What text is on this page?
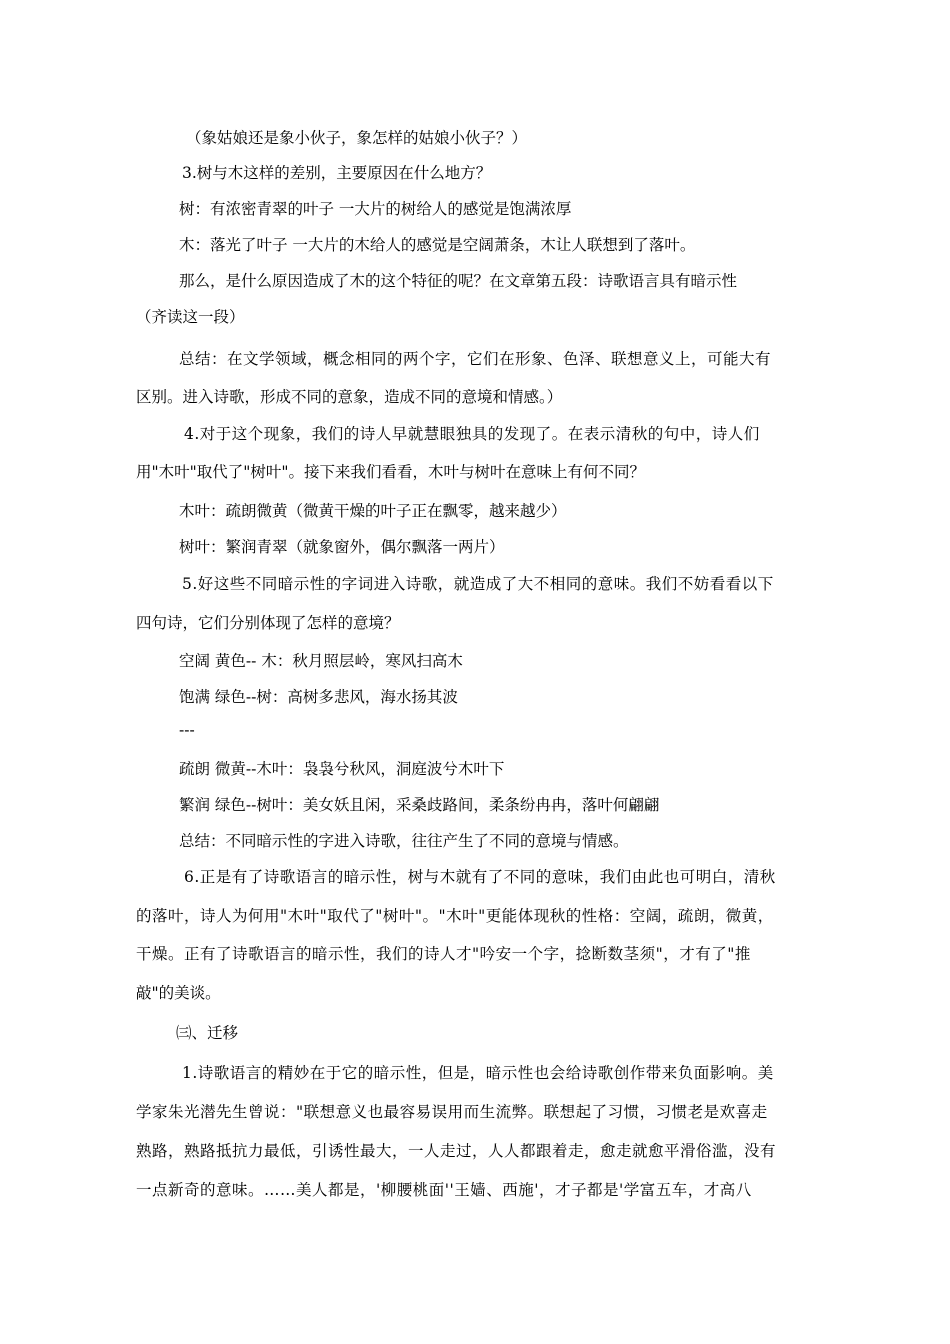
（象姑娘还是象小伙子，象怎样的姑娘小伙子？）
3.树与木这样的差别，主要原因在什么地方？
树：有浓密青翠的叶子 一大片的树给人的感觉是饱满浓厚
木：落光了叶子 一大片的木给人的感觉是空阔萧条，木让人联想到了落叶。
那么，是什么原因造成了木的这个特征的呢？在文章第五段：诗歌语言具有暗示性
（齐读这一段）
总结：在文学领域，概念相同的两个字，它们在形象、色泽、联想意义上，可能大有
区别。进入诗歌，形成不同的意象，造成不同的意境和情感。）
4.对于这个现象，我们的诗人早就慧眼独具的发现了。在表示清秋的句中，诗人们
用"木叶"取代了"树叶"。接下来我们看看，木叶与树叶在意味上有何不同？
木叶：疏朗微黄（微黄干燥的叶子正在飘零，越来越少）
树叶：繁润青翠（就象窗外，偶尔飘落一两片）
5.好这些不同暗示性的字词进入诗歌，就造成了大不相同的意味。我们不妨看看以下
四句诗，它们分别体现了怎样的意境？
空阔 黄色-- 木：秋月照层岭，寒风扫高木
饱满 绿色--树：高树多悲风，海水扬其波
---
疏朗 微黄--木叶：袅袅兮秋风，洞庭波兮木叶下
繁润 绿色--树叶：美女妖且闲，采桑歧路间，柔条纷冉冉，落叶何翩翩
总结：不同暗示性的字进入诗歌，往往产生了不同的意境与情感。
6.正是有了诗歌语言的暗示性，树与木就有了不同的意味，我们由此也可明白，清秋
的落叶，诗人为何用"木叶"取代了"树叶"。"木叶"更能体现秋的性格：空阔，疏朗，微黄，
干燥。正有了诗歌语言的暗示性，我们的诗人才"吟安一个字，捻断数茎须"，才有了"推
敲"的美谈。
㈢、迁移
1.诗歌语言的精妙在于它的暗示性，但是，暗示性也会给诗歌创作带来负面影响。美
学家朱光潜先生曾说："联想意义也最容易误用而生流弊。联想起了习惯，习惯老是欢喜走
熟路，熟路抵抗力最低，引诱性最大，一人走过，人人都跟着走，愈走就愈平滑俗滥，没有
一点新奇的意味。……美人都是，'柳腰桃面''王嫱、西施'，才子都是'学富五车，才高八
